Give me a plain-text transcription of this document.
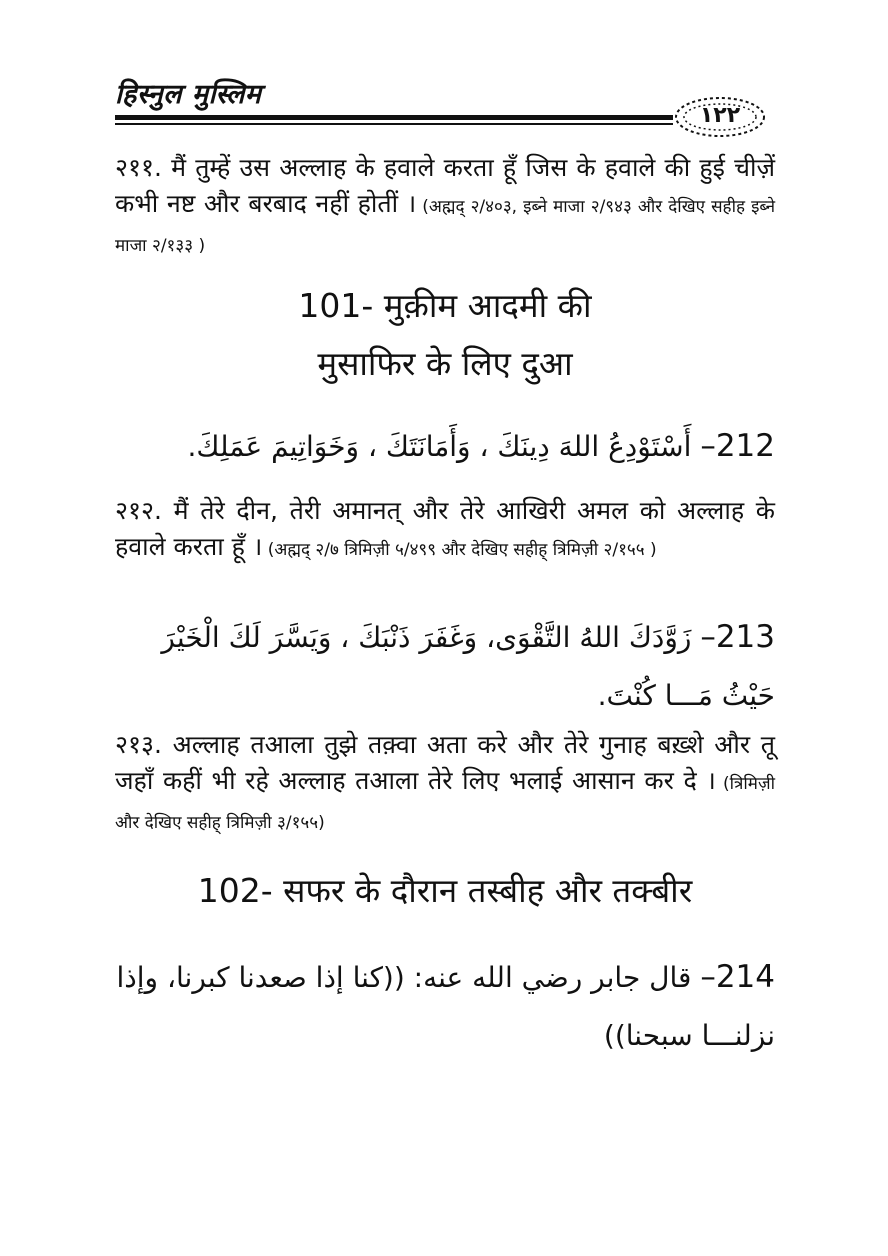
हिस्नुल मुस्लिम
١٢٢
२११. मैं तुम्हें उस अल्लाह के हवाले करता हूँ जिस के हवाले की हुई चीज़ें कभी नष्ट और बरबाद नहीं होतीं । (अह्मद् २/४०३, इब्ने माजा २/९४३ और देखिए सहीह इब्ने माजा २/१३३ )
101- मुक़ीम आदमी की
मुसाफिर के लिए दुआ
212– أَسْتَوْدِعُ اللهَ دِينَكَ ، وَأَمَانَتَكَ ، وَخَوَاتِيمَ عَمَلِكَ.
२१२. मैं तेरे दीन, तेरी अमानत् और तेरे आखिरी अमल को अल्लाह के हवाले करता हूँ । (अह्मद् २/७ त्रिमिज़ी ५/४९९ और देखिए सहीह् त्रिमिज़ी २/१५५ )
213– زَوَّدَكَ اللهُ التَّقْوَى، وَغَفَرَ ذَنْبَكَ ، وَيَسَّرَ لَكَ الْخَيْرَ حَيْثُ مَـــا كُنْتَ.
२१३. अल्लाह तआला तुझे तक़्वा अता करे और तेरे गुनाह बख़्शे और तू जहाँ कहीं भी रहे अल्लाह तआला तेरे लिए भलाई आसान कर दे । (त्रिमिज़ी और देखिए सहीह् त्रिमिज़ी ३/१५५)
102- सफर के दौरान तस्बीह और तक्बीर
214– قال جابر رضي الله عنه: ((كنا إذا صعدنا كبرنا، وإذا نزلنـــا سبحنا))
